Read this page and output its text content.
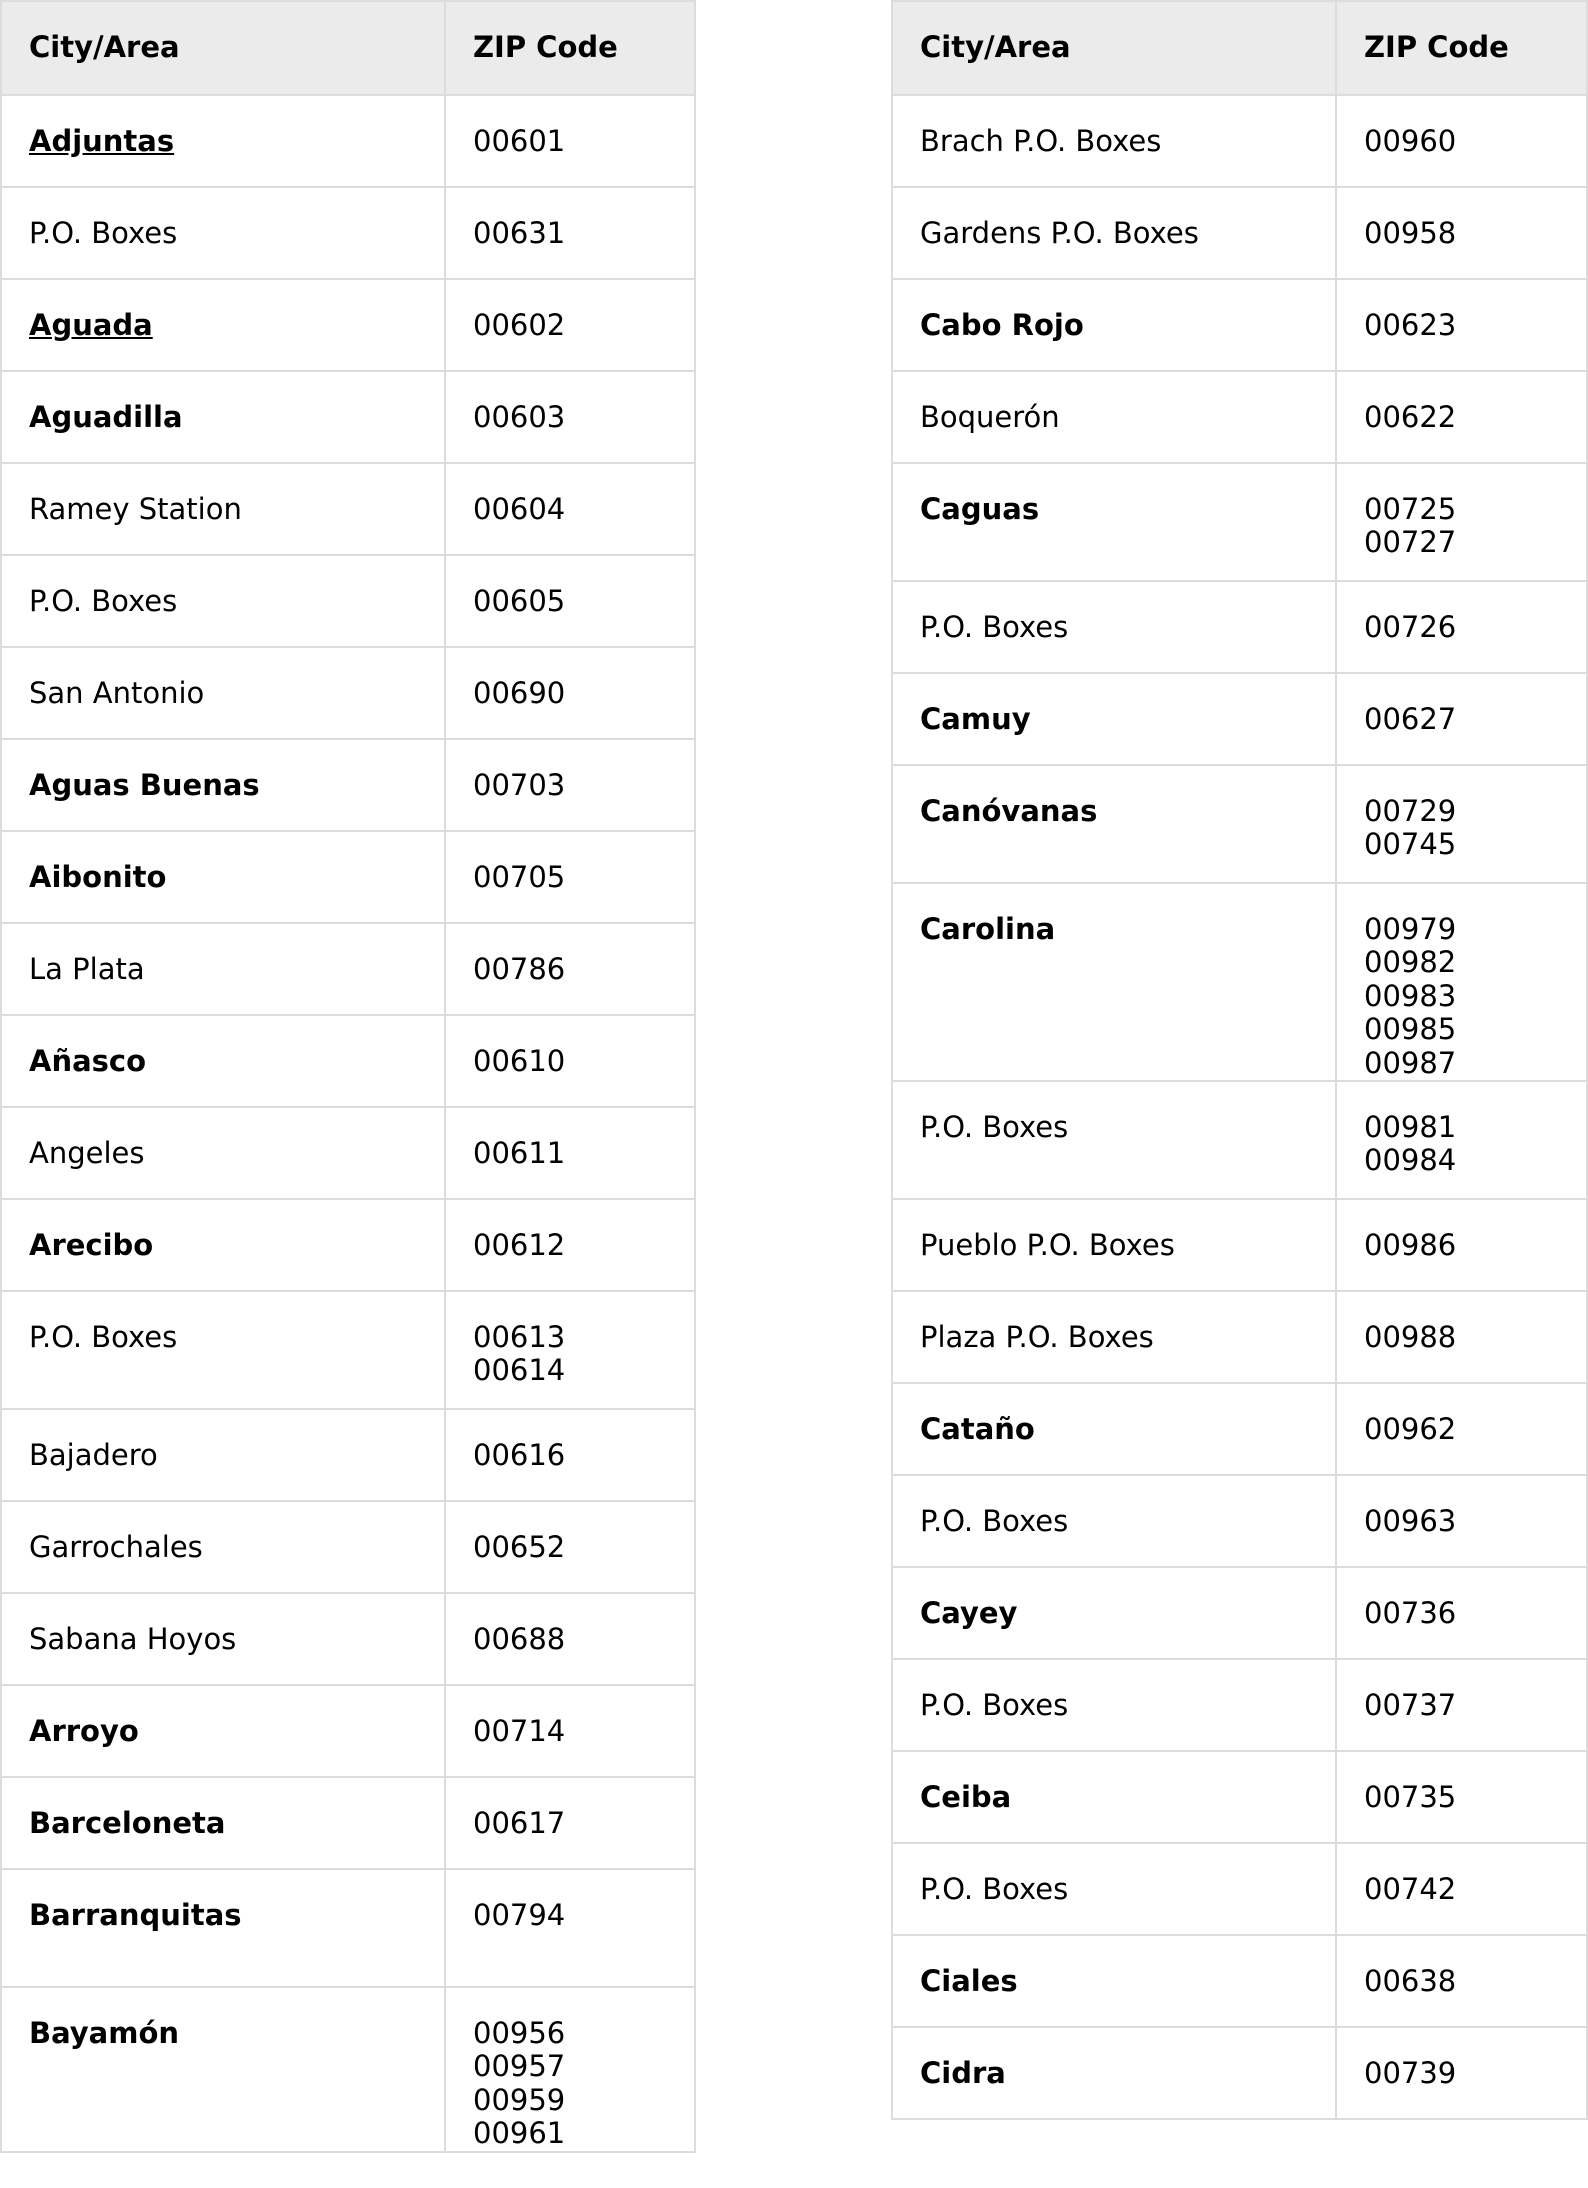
City/Area	ZIP Code
Adjuntas	00601

P.O. Boxes	00631

Aguada	00602

Aguadilla	00603

Ramey Station	00604

P.O. Boxes	00605

San Antonio	00690

Aguas Buenas	00703

Aibonito	00705

La Plata	00786

Añasco	00610

Angeles	00611

Arecibo	00612

P.O. Boxes	00613
00614

Bajadero	00616

Garrochales	00652

Sabana Hoyos	00688

Arroyo	00714

Barceloneta	00617

Barranquitas	00794

Bayamón	00956
00957
00959
00961
City/Area	ZIP Code
Brach P.O. Boxes	00960

Gardens P.O. Boxes	00958

Cabo Rojo	00623

Boquerón	00622

Caguas	00725
00727

P.O. Boxes	00726

Camuy	00627

Canóvanas	00729
00745

Carolina	00979
00982
00983
00985
00987

P.O. Boxes	00981
00984

Pueblo P.O. Boxes	00986

Plaza P.O. Boxes	00988

Cataño	00962

P.O. Boxes	00963

Cayey	00736

P.O. Boxes	00737

Ceiba	00735

P.O. Boxes	00742

Ciales	00638

Cidra	00739
